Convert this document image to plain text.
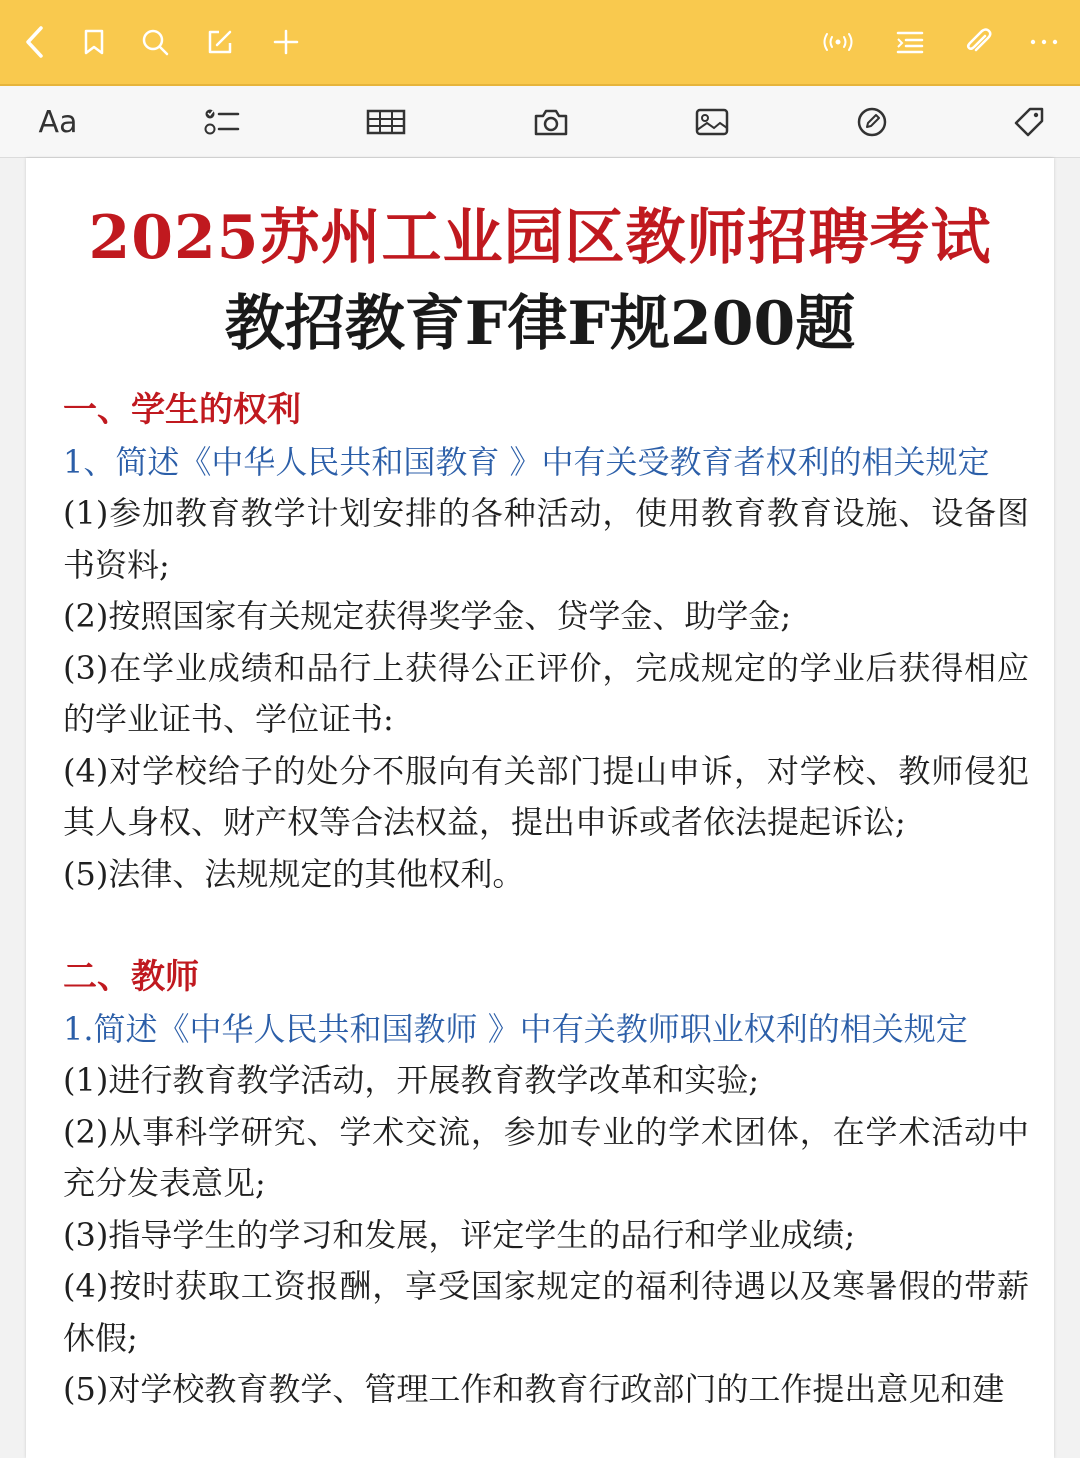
Aa
2025苏州工业园区教师招聘考试
教招教育F律F规200题

一、学生的权利

1、简述《中华人民共和国教育 》中有关受教育者权利的相关规定

(1)参加教育教学计划安排的各种活动，使用教育教育设施、设备图书资料;

(2)按照国家有关规定获得奖学金、贷学金、助学金;

(3)在学业成绩和品行上获得公正评价，完成规定的学业后获得相应的学业证书、学位证书:

(4)对学校给子的处分不服向有关部门提山申诉，对学校、教师侵犯其人身权、财产权等合法权益，提出申诉或者依法提起诉讼;

(5)法律、法规规定的其他权利。

二、教师

1.简述《中华人民共和国教师 》中有关教师职业权利的相关规定

(1)进行教育教学活动，开展教育教学改革和实验;

(2)从事科学研究、学术交流，参加专业的学术团体，在学术活动中充分发表意见;

(3)指导学生的学习和发展，评定学生的品行和学业成绩;

(4)按时获取工资报酬，享受国家规定的福利待遇以及寒暑假的带薪休假;

(5)对学校教育教学、管理工作和教育行政部门的工作提出意见和建
